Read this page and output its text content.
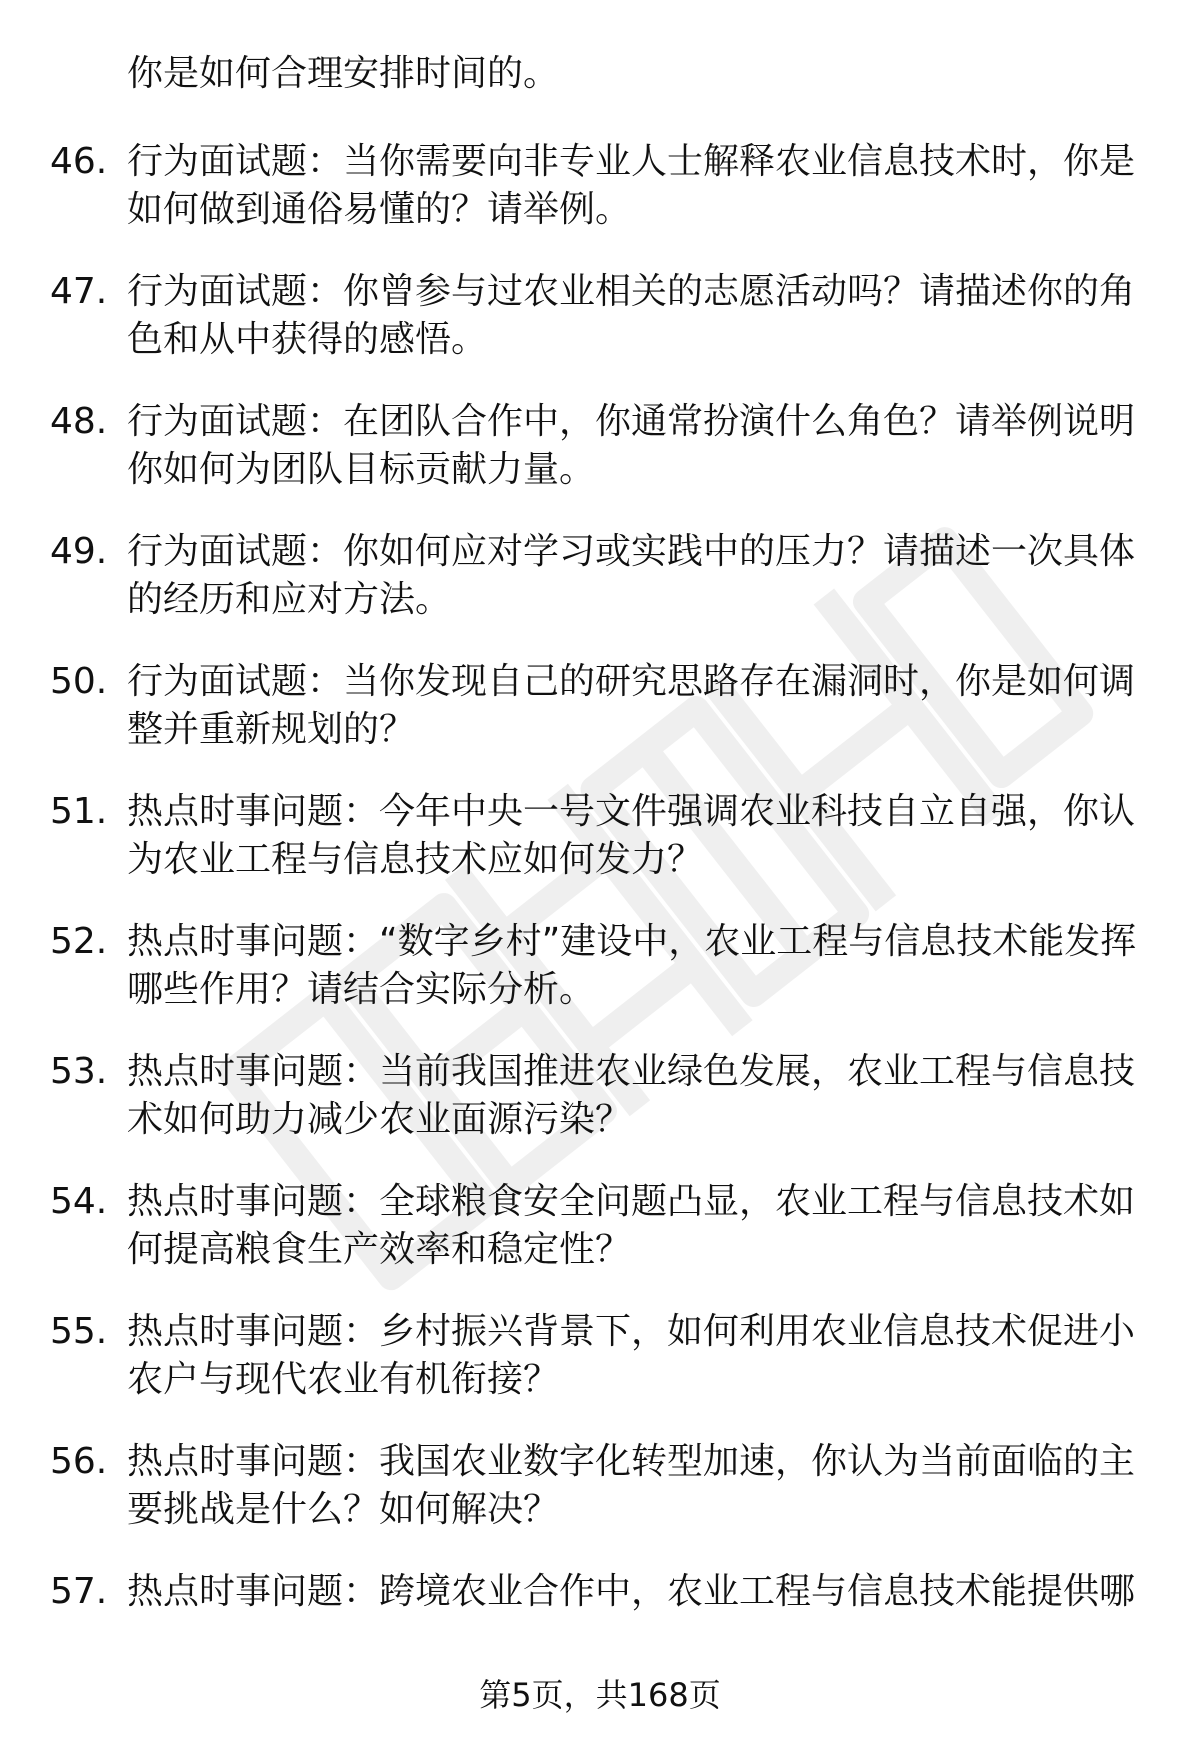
你是如何合理安排时间的。
46. 行为面试题：当你需要向非专业人士解释农业信息技术时，你是如何做到通俗易懂的？请举例。
47. 行为面试题：你曾参与过农业相关的志愿活动吗？请描述你的角色和从中获得的感悟。
48. 行为面试题：在团队合作中，你通常扮演什么角色？请举例说明你如何为团队目标贡献力量。
49. 行为面试题：你如何应对学习或实践中的压力？请描述一次具体的经历和应对方法。
50. 行为面试题：当你发现自己的研究思路存在漏洞时，你是如何调整并重新规划的？
51. 热点时事问题：今年中央一号文件强调农业科技自立自强，你认为农业工程与信息技术应如何发力？
52. 热点时事问题：“数字乡村”建设中，农业工程与信息技术能发挥哪些作用？请结合实际分析。
53. 热点时事问题：当前我国推进农业绿色发展，农业工程与信息技术如何助力减少农业面源污染？
54. 热点时事问题：全球粮食安全问题凸显，农业工程与信息技术如何提高粮食生产效率和稳定性？
55. 热点时事问题：乡村振兴背景下，如何利用农业信息技术促进小农户与现代农业有机衔接？
56. 热点时事问题：我国农业数字化转型加速，你认为当前面临的主要挑战是什么？如何解决？
57. 热点时事问题：跨境农业合作中，农业工程与信息技术能提供哪
第5页，共168页
